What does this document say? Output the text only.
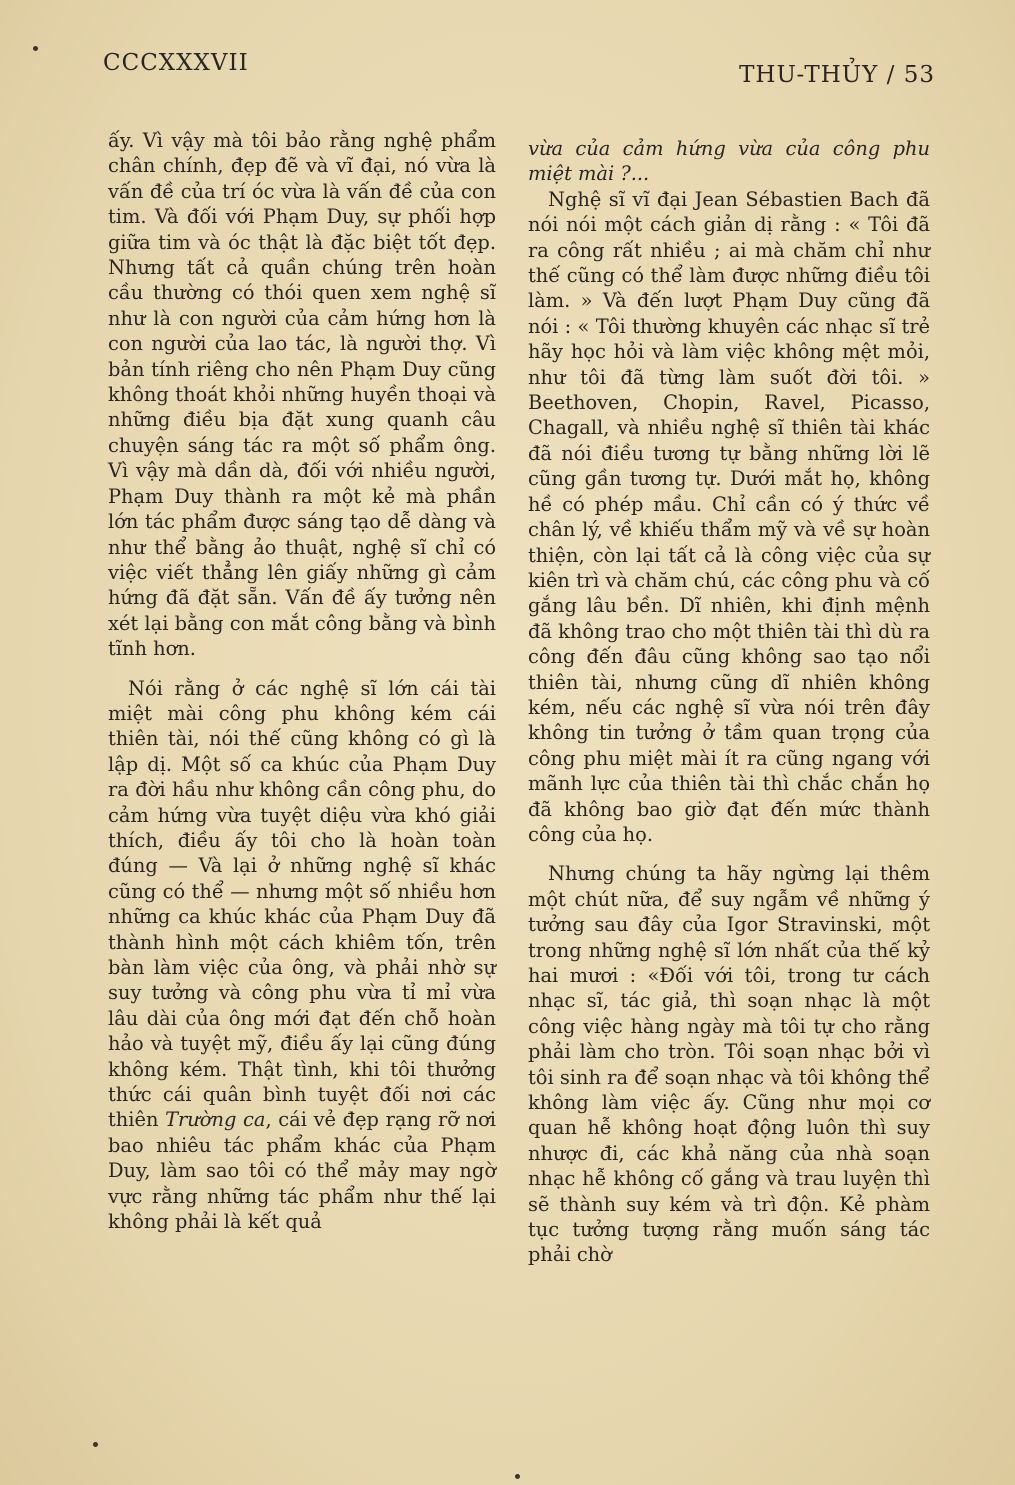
CCCXXXVII	THU-THỦY / 53

ấy. Vì vậy mà tôi bảo rằng nghệ phẩm chân chính, đẹp đẽ và vĩ đại, nó vừa là vấn đề của trí óc vừa là vấn đề của con tim. Và đối với Phạm Duy, sự phối hợp giữa tim và óc thật là đặc biệt tốt đẹp. Nhưng tất cả quần chúng trên hoàn cầu thường có thói quen xem nghệ sĩ như là con người của cảm hứng hơn là con người của lao tác, là người thợ. Vì bản tính riêng cho nên Phạm Duy cũng không thoát khỏi những huyền thoại và những điều bịa đặt xung quanh câu chuyện sáng tác ra một số phẩm ông. Vì vậy mà dần dà, đối với nhiều người, Phạm Duy thành ra một kẻ mà phần lớn tác phẩm được sáng tạo dễ dàng và như thể bằng ảo thuật, nghệ sĩ chỉ có việc viết thẳng lên giấy những gì cảm hứng đã đặt sẵn. Vấn đề ấy tưởng nên xét lại bằng con mắt công bằng và bình tĩnh hơn.

Nói rằng ở các nghệ sĩ lớn cái tài miệt mài công phu không kém cái thiên tài, nói thế cũng không có gì là lập dị. Một số ca khúc của Phạm Duy ra đời hầu như không cần công phu, do cảm hứng vừa tuyệt diệu vừa khó giải thích, điều ấy tôi cho là hoàn toàn đúng — Và lại ở những nghệ sĩ khác cũng có thể — nhưng một số nhiều hơn những ca khúc khác của Phạm Duy đã thành hình một cách khiêm tốn, trên bàn làm việc của ông, và phải nhờ sự suy tưởng và công phu vừa tỉ mỉ vừa lâu dài của ông mới đạt đến chỗ hoàn hảo và tuyệt mỹ, điều ấy lại cũng đúng không kém. Thật tình, khi tôi thưởng thức cái quân bình tuyệt đối nơi các thiên Trường ca, cái vẻ đẹp rạng rỡ nơi bao nhiêu tác phẩm khác của Phạm Duy, làm sao tôi có thể mảy may ngờ vực rằng những tác phẩm như thế lại không phải là kết quả

vừa của cảm hứng vừa của công phu miệt mài ?...

Nghệ sĩ vĩ đại Jean Sébastien Bach đã nói nói một cách giản dị rằng : « Tôi đã ra công rất nhiều ; ai mà chăm chỉ như thế cũng có thể làm được những điều tôi làm. » Và đến lượt Phạm Duy cũng đã nói : « Tôi thường khuyên các nhạc sĩ trẻ hãy học hỏi và làm việc không mệt mỏi, như tôi đã từng làm suốt đời tôi. » Beethoven, Chopin, Ravel, Picasso, Chagall, và nhiều nghệ sĩ thiên tài khác đã nói điều tương tự bằng những lời lẽ cũng gần tương tự. Dưới mắt họ, không hề có phép mầu. Chỉ cần có ý thức về chân lý, về khiếu thẩm mỹ và về sự hoàn thiện, còn lại tất cả là công việc của sự kiên trì và chăm chú, các công phu và cố gắng lâu bền. Dĩ nhiên, khi định mệnh đã không trao cho một thiên tài thì dù ra công đến đâu cũng không sao tạo nổi thiên tài, nhưng cũng dĩ nhiên không kém, nếu các nghệ sĩ vừa nói trên đây không tin tưởng ở tầm quan trọng của công phu miệt mài ít ra cũng ngang với mãnh lực của thiên tài thì chắc chắn họ đã không bao giờ đạt đến mức thành công của họ.

Nhưng chúng ta hãy ngừng lại thêm một chút nữa, để suy ngẫm về những ý tưởng sau đây của Igor Stravinski, một trong những nghệ sĩ lớn nhất của thế kỷ hai mươi : «Đối với tôi, trong tư cách nhạc sĩ, tác giả, thì soạn nhạc là một công việc hàng ngày mà tôi tự cho rằng phải làm cho tròn. Tôi soạn nhạc bởi vì tôi sinh ra để soạn nhạc và tôi không thể không làm việc ấy. Cũng như mọi cơ quan hễ không hoạt động luôn thì suy nhược đi, các khả năng của nhà soạn nhạc hễ không cố gắng và trau luyện thì sẽ thành suy kém và trì độn. Kẻ phàm tục tưởng tượng rằng muốn sáng tác phải chờ
